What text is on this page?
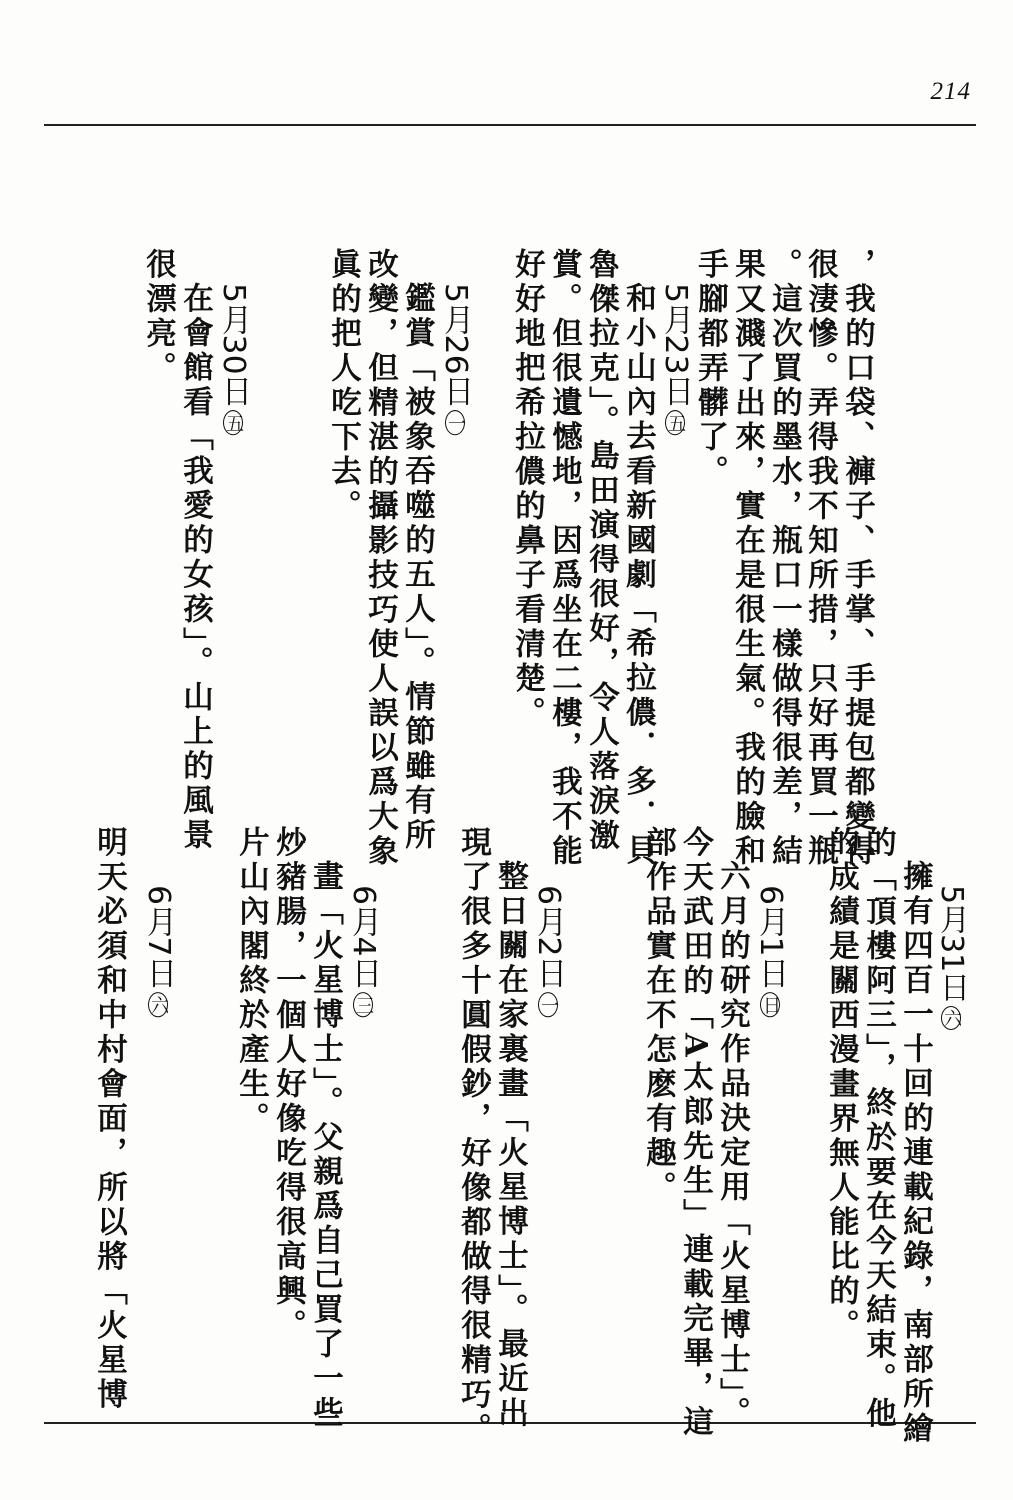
214
，我的口袋、褲子、手掌、手提包都變得
很淒慘。弄得我不知所措，只好再買一瓶
。這次買的墨水，瓶口一樣做得很差，結
果又濺了出來，實在是很生氣。我的臉和
手腳都弄髒了。
5月23日五
和小山內去看新國劇「希拉儂．多．貝
魯傑拉克」。島田演得很好，令人落淚激
賞。但很遺憾地，因爲坐在二樓，我不能
好好地把希拉儂的鼻子看清楚。
5月26日一
鑑賞「被象吞噬的五人」。情節雖有所
改變，但精湛的攝影技巧使人誤以爲大象
眞的把人吃下去。
5月30日五
在會館看「我愛的女孩」。山上的風景
很漂亮。
5月31日六
擁有四百一十回的連載紀錄，南部所繪
的「頂樓阿三」，終於要在今天結束。他
的成績是關西漫畫界無人能比的。
6月1日日
六月的研究作品決定用「火星博士」。
今天武田的「A太郎先生」連載完畢，這
部作品實在不怎麽有趣。
6月2日一
整日關在家裏畫「火星博士」。最近出
現了很多十圓假鈔，好像都做得很精巧。
6月4日三
畫「火星博士」。父親爲自己買了一些
炒豬腸，一個人好像吃得很高興。
片山內閣終於產生。
6月7日六
明天必須和中村會面，所以將「火星博
